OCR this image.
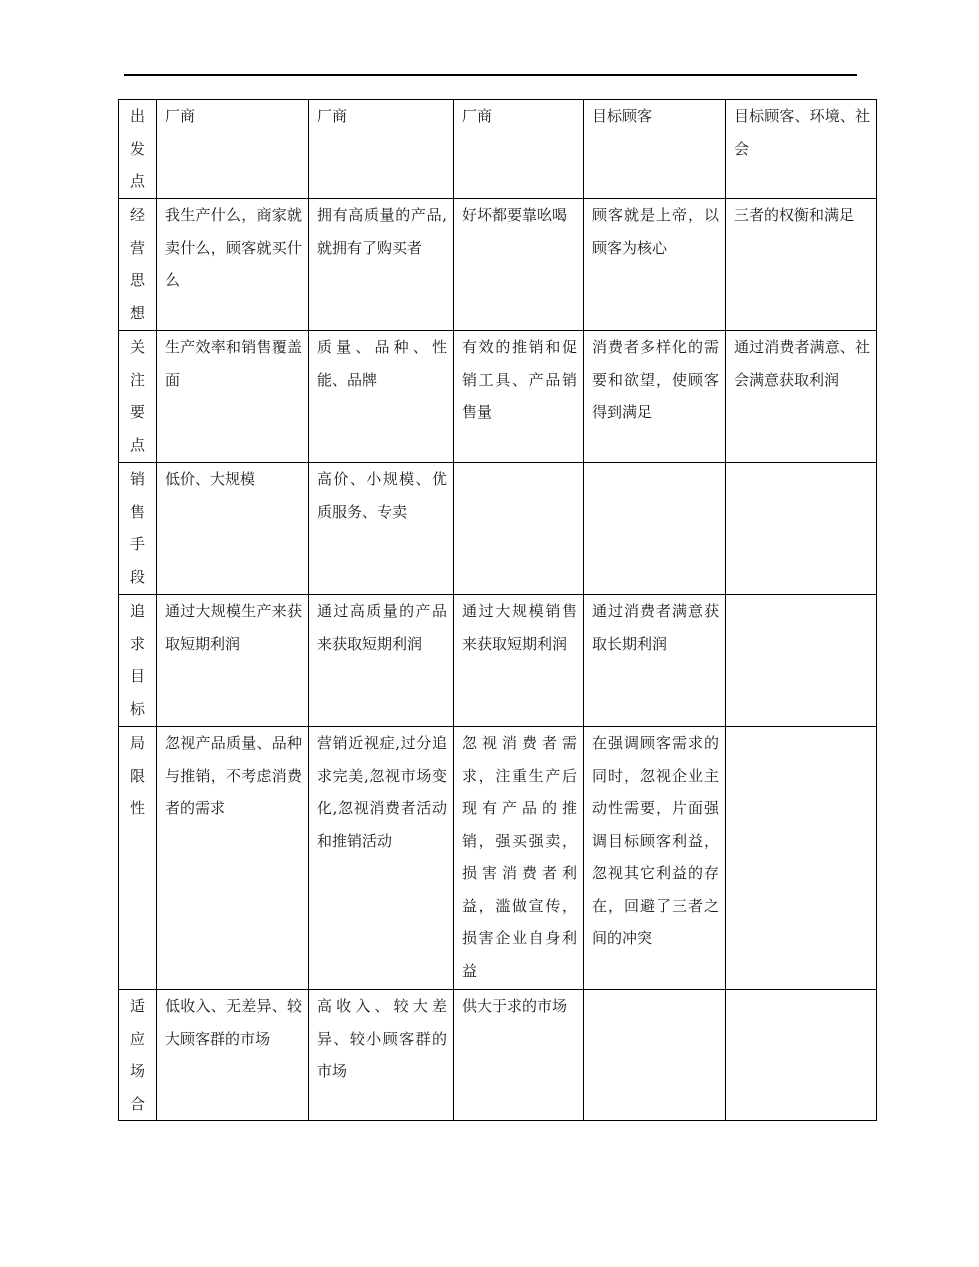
出发点	厂商	厂商	厂商	目标顾客	目标顾客、环境、社会

经营思想	我生产什么，商家就卖什么，顾客就买什么	拥有高质量的产品,就拥有了购买者	好坏都要靠吆喝	顾客就是上帝，以顾客为核心	三者的权衡和满足

关注要点	生产效率和销售覆盖面	质量、品种、性能、品牌	有效的推销和促销工具、产品销售量	消费者多样化的需要和欲望，使顾客得到满足	通过消费者满意、社会满意获取利润

销售手段	低价、大规模	高价、小规模、优质服务、专卖			

追求目标	通过大规模生产来获取短期利润	通过高质量的产品来获取短期利润	通过大规模销售来获取短期利润	通过消费者满意获取长期利润	

局限性	忽视产品质量、品种与推销，不考虑消费者的需求	营销近视症,过分追求完美,忽视市场变化,忽视消费者活动和推销活动	忽视消费者需求，注重生产后现有产品的推销，强买强卖，损害消费者利益，滥做宣传，损害企业自身利益	在强调顾客需求的同时，忽视企业主动性需要，片面强调目标顾客利益，忽视其它利益的存在，回避了三者之间的冲突	

适应场合	低收入、无差异、较大顾客群的市场	高收入、较大差异、较小顾客群的市场	供大于求的市场		
